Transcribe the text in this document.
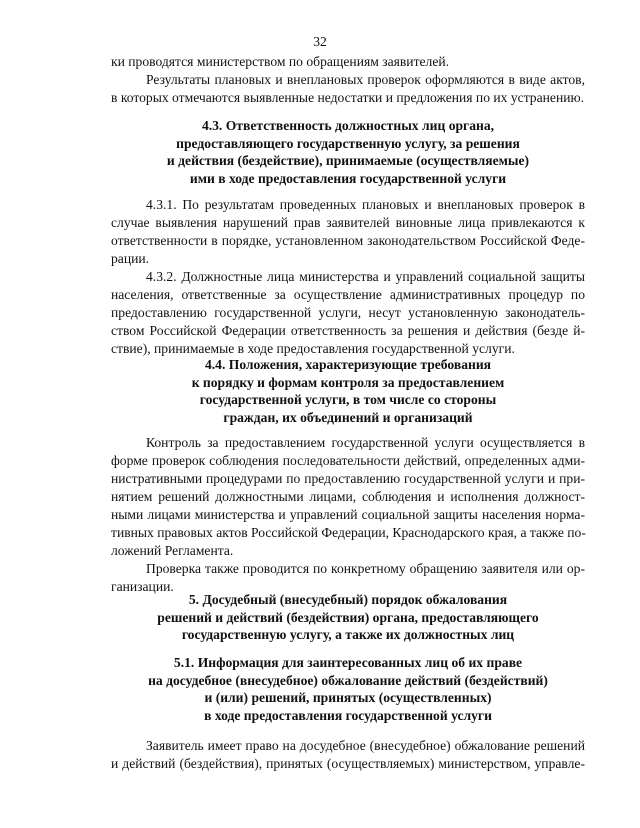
32
ки проводятся министерством по обращениям заявителей.
Результаты плановых и внеплановых проверок оформляются в виде актов,
в которых отмечаются выявленные недостатки и предложения по их устранению.
4.3. Ответственность должностных лиц органа,
предоставляющего государственную услугу, за решения
и действия (бездействие), принимаемые (осуществляемые)
ими в ходе предоставления государственной услуги
4.3.1. По результатам проведенных плановых и внеплановых проверок в
случае выявления нарушений прав заявителей виновные лица привлекаются к
ответственности в порядке, установленном законодательством Российской Феде-
рации.
4.3.2. Должностные лица министерства и управлений социальной защиты
населения, ответственные за осуществление административных процедур по
предоставлению государственной услуги, несут установленную законодатель-
ством Российской Федерации ответственность за решения и действия (безде й-
ствие), принимаемые в ходе предоставления государственной услуги.
4.4. Положения, характеризующие требования
к порядку и формам контроля за предоставлением
государственной услуги, в том числе со стороны
граждан, их объединений и организаций
Контроль за предоставлением государственной услуги осуществляется в
форме проверок соблюдения последовательности действий, определенных адми-
нистративными процедурами по предоставлению государственной услуги и при-
нятием решений должностными лицами, соблюдения и исполнения должност-
ными лицами министерства и управлений социальной защиты населения норма-
тивных правовых актов Российской Федерации, Краснодарского края, а также по-
ложений Регламента.
Проверка также проводится по конкретному обращению заявителя или ор-
ганизации.
5. Досудебный (внесудебный) порядок обжалования
решений и действий (бездействия) органа, предоставляющего
государственную услугу, а также их должностных лиц
5.1. Информация для заинтересованных лиц об их праве
на досудебное (внесудебное) обжалование действий (бездействий)
и (или) решений, принятых (осуществленных)
в ходе предоставления государственной услуги
Заявитель имеет право на досудебное (внесудебное) обжалование решений
и действий (бездействия), принятых (осуществляемых) министерством, управле-
